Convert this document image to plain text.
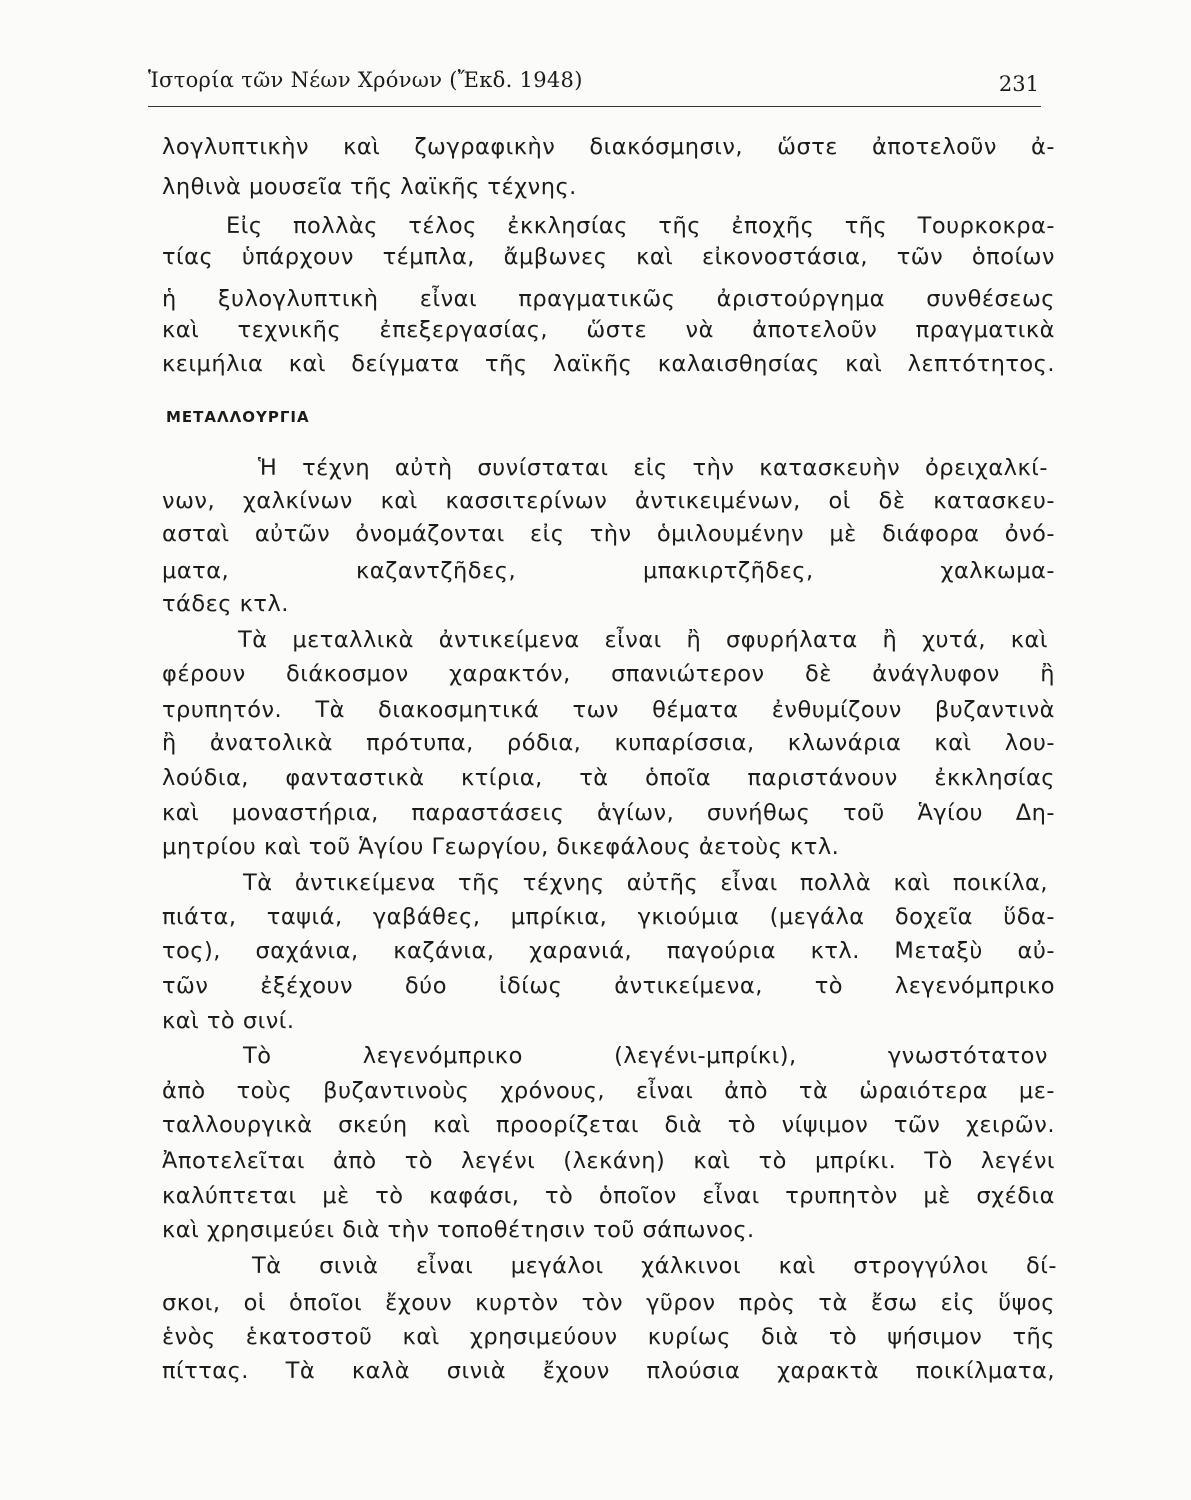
Ἱστορία τῶν Νέων Χρόνων (Ἔκδ. 1948)	231

λογλυπτικὴν καὶ ζωγραφικὴν διακόσμησιν, ὥστε ἀποτελοῦν ἀ-

ληθινὰ μουσεῖα τῆς λαϊκῆς τέχνης.

Εἰς πολλὰς τέλος ἐκκλησίας τῆς ἐποχῆς τῆς Τουρκοκρα-

τίας ὑπάρχουν τέμπλα, ἄμβωνες καὶ εἰκονοστάσια, τῶν ὁποίων

ἡ ξυλογλυπτικὴ εἶναι πραγματικῶς ἀριστούργημα συνθέσεως

καὶ τεχνικῆς ἐπεξεργασίας, ὥστε νὰ ἀποτελοῦν πραγματικὰ

κειμήλια καὶ δείγματα τῆς λαϊκῆς καλαισθησίας καὶ λεπτότητος.

ΜΕΤΑΛΛΟΥΡΓΙΑ

Ἡ τέχνη αὐτὴ συνίσταται εἰς τὴν κατασκευὴν ὀρειχαλκί-

νων, χαλκίνων καὶ κασσιτερίνων ἀντικειμένων, οἱ δὲ κατασκευ-

ασταὶ αὐτῶν ὀνομάζονται εἰς τὴν ὁμιλουμένην μὲ διάφορα ὀνό-

ματα, καζαντζῆδες, μπακιρτζῆδες, χαλκωμα-

τάδες κτλ.

Τὰ μεταλλικὰ ἀντικείμενα εἶναι ἢ σφυρήλατα ἢ χυτά, καὶ

φέρουν διάκοσμον χαρακτόν, σπανιώτερον δὲ ἀνάγλυφον ἢ

τρυπητόν. Τὰ διακοσμητικά των θέματα ἐνθυμίζουν βυζαντινὰ

ἢ ἀνατολικὰ πρότυπα, ρόδια, κυπαρίσσια, κλωνάρια καὶ λου-

λούδια, φανταστικὰ κτίρια, τὰ ὁποῖα παριστάνουν ἐκκλησίας

καὶ μοναστήρια, παραστάσεις ἁγίων, συνήθως τοῦ Ἁγίου Δη-

μητρίου καὶ τοῦ Ἁγίου Γεωργίου, δικεφάλους ἀετοὺς κτλ.

Τὰ ἀντικείμενα τῆς τέχνης αὐτῆς εἶναι πολλὰ καὶ ποικίλα,

πιάτα, ταψιά, γαβάθες, μπρίκια, γκιούμια (μεγάλα δοχεῖα ὕδα-

τος), σαχάνια, καζάνια, χαρανιά, παγούρια κτλ. Μεταξὺ αὐ-

τῶν ἐξέχουν δύο ἰδίως ἀντικείμενα, τὸ λεγενόμπρικο

καὶ τὸ σινί.

Τὸ λεγενόμπρικο (λεγένι-μπρίκι), γνωστότατον

ἀπὸ τοὺς βυζαντινοὺς χρόνους, εἶναι ἀπὸ τὰ ὡραιότερα με-

ταλλουργικὰ σκεύη καὶ προορίζεται διὰ τὸ νίψιμον τῶν χειρῶν.

Ἀποτελεῖται ἀπὸ τὸ λεγένι (λεκάνη) καὶ τὸ μπρίκι. Τὸ λεγένι

καλύπτεται μὲ τὸ καφάσι, τὸ ὁποῖον εἶναι τρυπητὸν μὲ σχέδια

καὶ χρησιμεύει διὰ τὴν τοποθέτησιν τοῦ σάπωνος.

Τὰ σινιὰ εἶναι μεγάλοι χάλκινοι καὶ στρογγύλοι δί-

σκοι, οἱ ὁποῖοι ἔχουν κυρτὸν τὸν γῦρον πρὸς τὰ ἔσω εἰς ὕψος

ἑνὸς ἑκατοστοῦ καὶ χρησιμεύουν κυρίως διὰ τὸ ψήσιμον τῆς

πίττας. Τὰ καλὰ σινιὰ ἔχουν πλούσια χαρακτὰ ποικίλματα,
